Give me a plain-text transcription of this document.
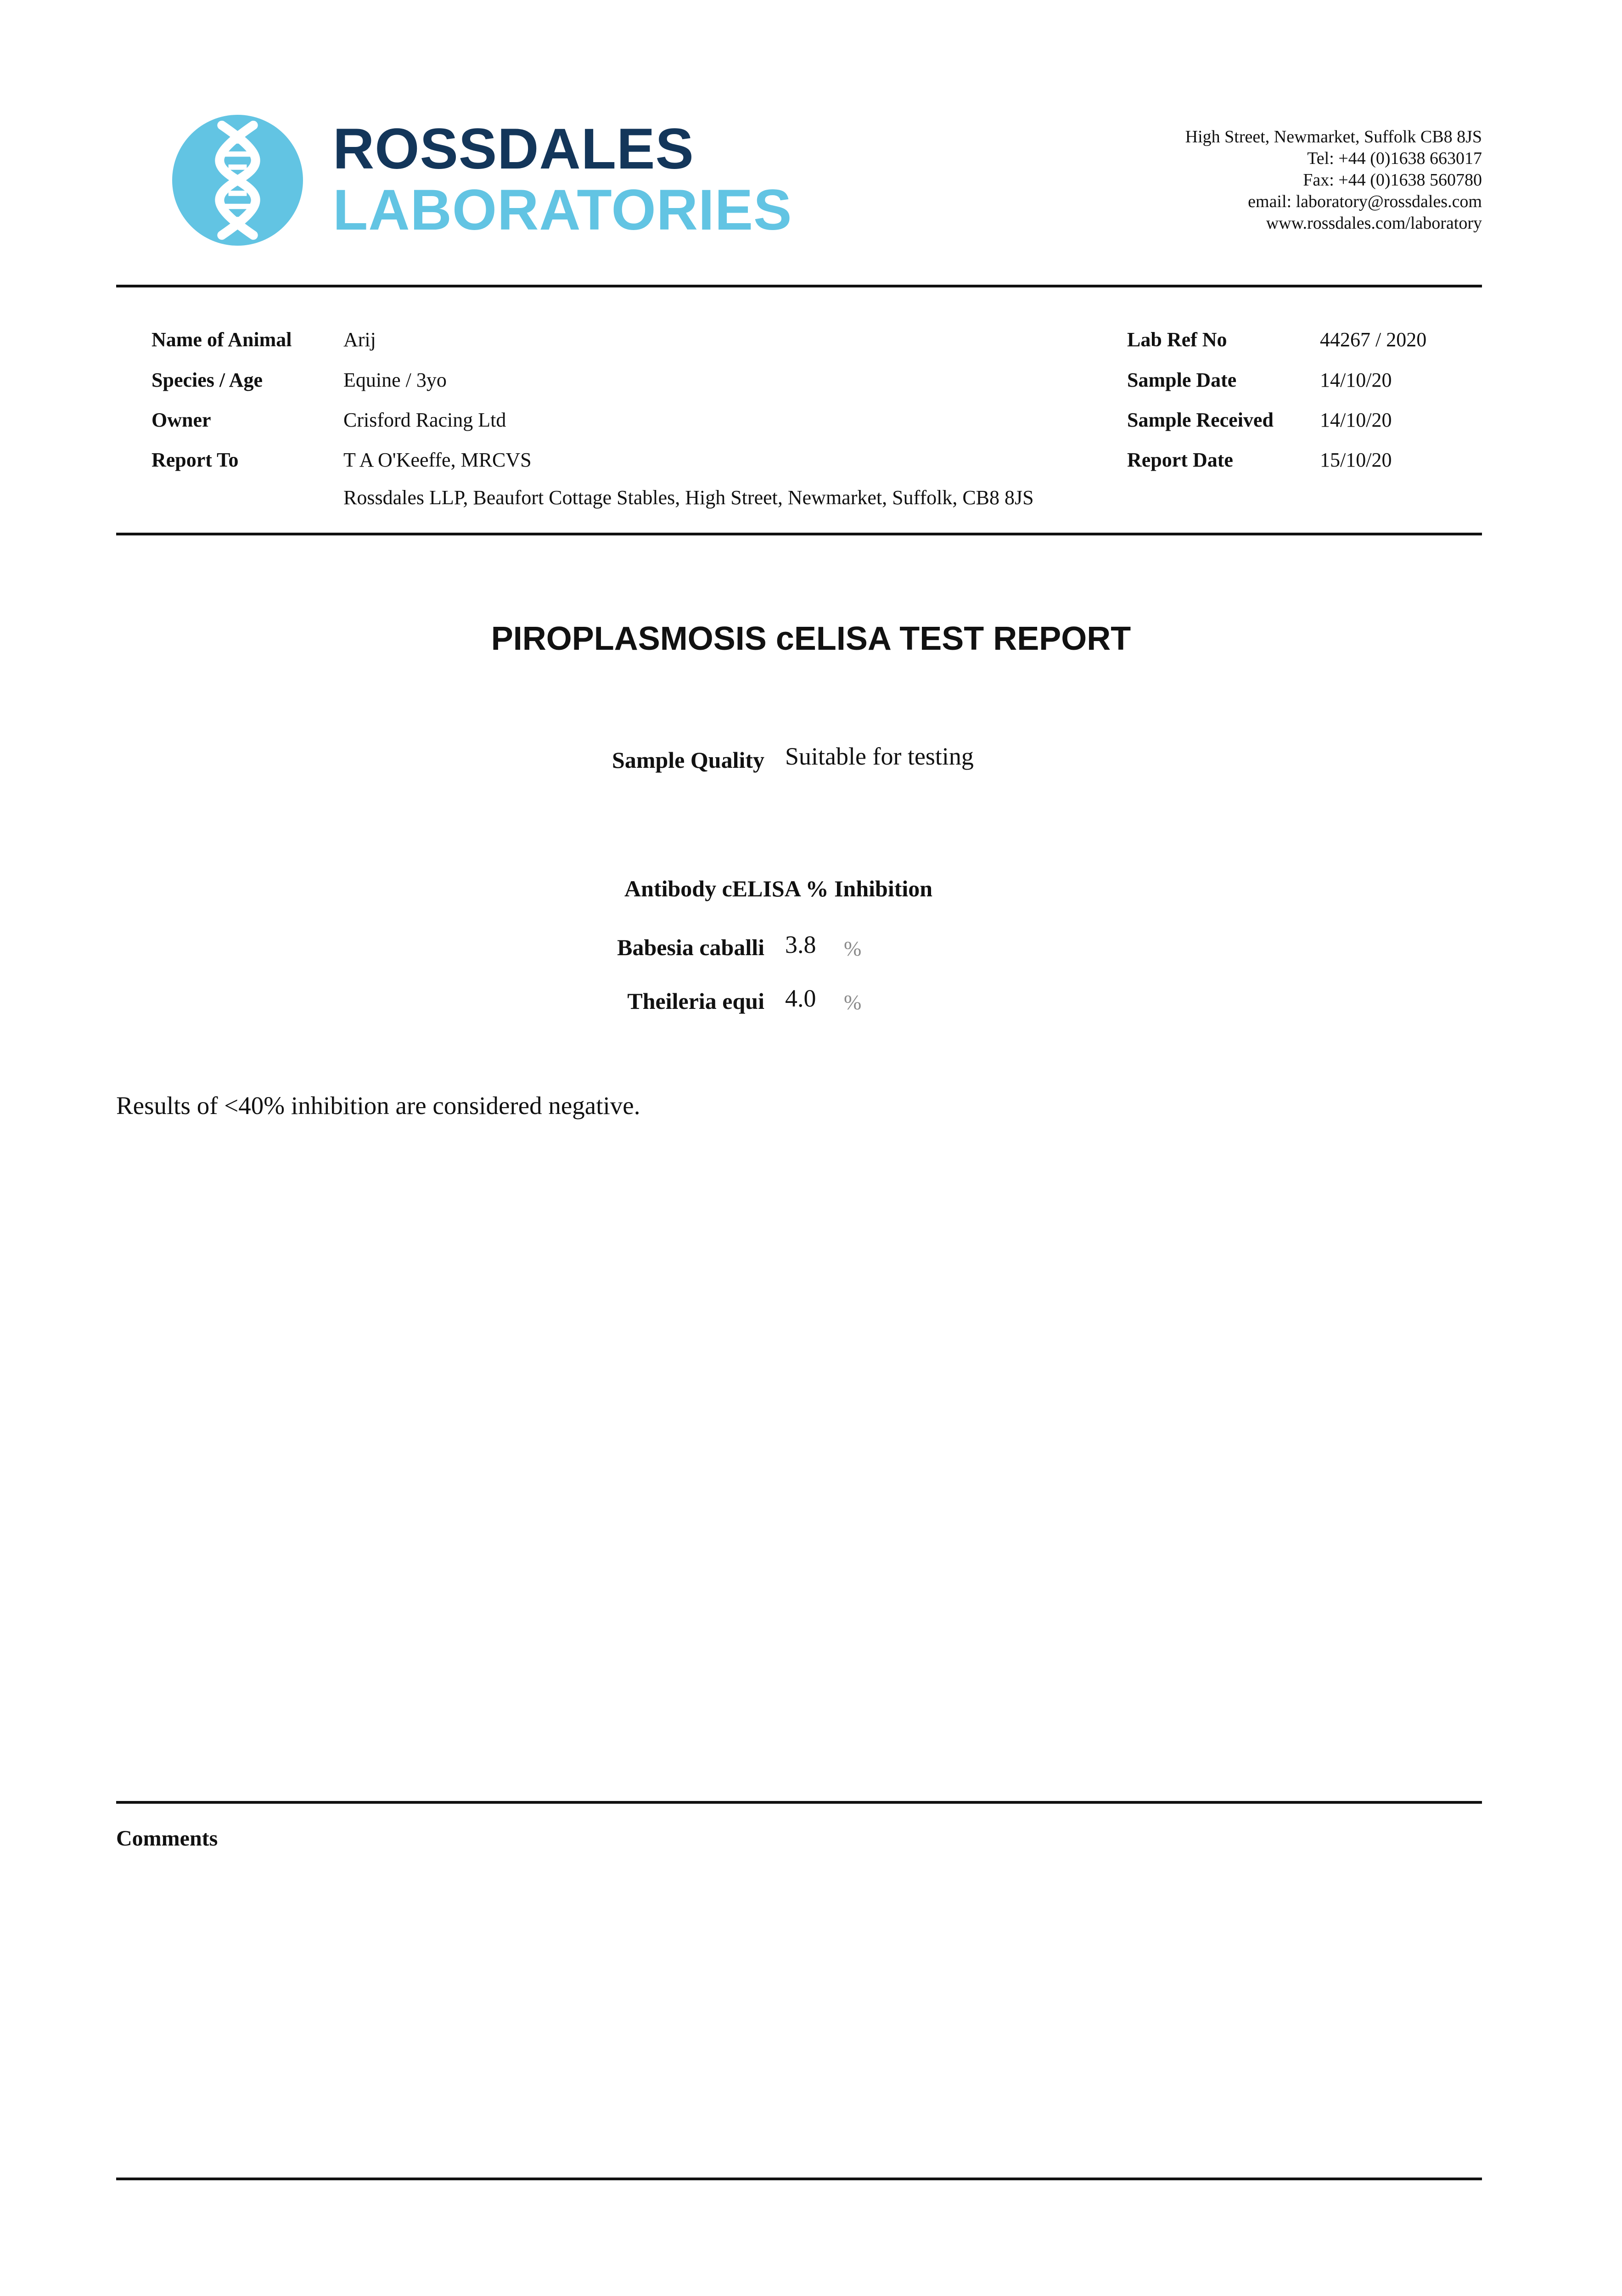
ROSSDALES
LABORATORIES
High Street, Newmarket, Suffolk CB8 8JS
Tel: +44 (0)1638 663017
Fax: +44 (0)1638 560780
email: laboratory@rossdales.com
www.rossdales.com/laboratory
Name of Animal	Arij
Species / Age	Equine / 3yo
Owner	Crisford Racing Ltd
Report To	T A O'Keeffe, MRCVS
Rossdales LLP, Beaufort Cottage Stables, High Street, Newmarket, Suffolk, CB8 8JS
Lab Ref No	44267 / 2020
Sample Date	14/10/20
Sample Received 14/10/20
Report Date	15/10/20
PIROPLASMOSIS cELISA TEST REPORT
Sample Quality Suitable for testing
Antibody cELISA % Inhibition
Babesia caballi 3.8 %
Theileria equi 4.0 %
Results of <40% inhibition are considered negative.
Comments
